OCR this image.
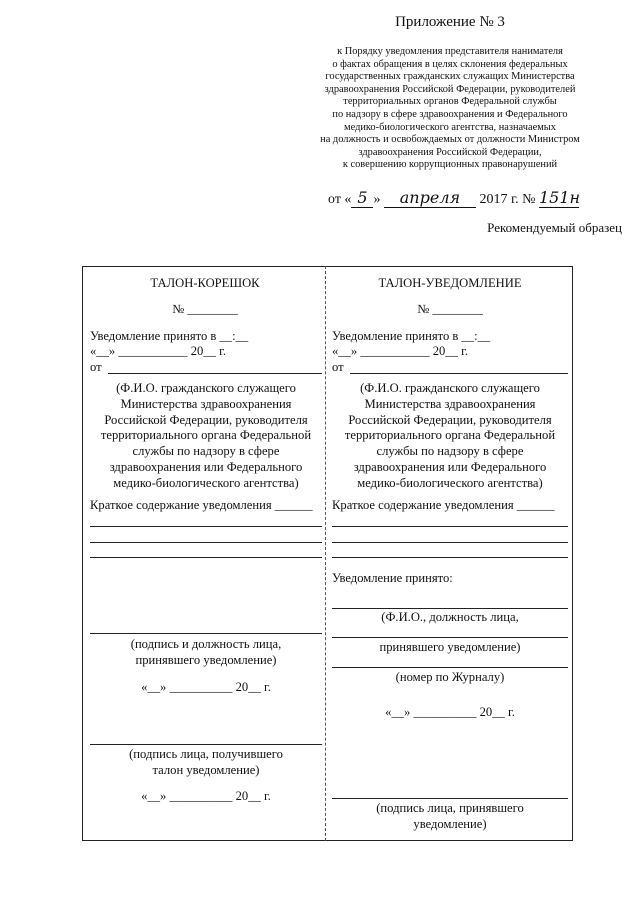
Приложение № 3
к Порядку уведомления представителя нанимателя
о фактах обращения в целях склонения федеральных
государственных гражданских служащих Министерства
здравоохранения Российской Федерации, руководителей
территориальных органов Федеральной службы
по надзору в сфере здравоохранения и Федерального
медико-биологического агентства, назначаемых
на должность и освобождаемых от должности Министром
здравоохранения Российской Федерации,
к совершению коррупционных правонарушений
от « 5 » апреля 2017 г. № 151н
Рекомендуемый образец
ТАЛОН-КОРЕШОК
№ ________
Уведомление принято в __:__
«__» ___________ 20__ г.
от
(Ф.И.О. гражданского служащего
Министерства здравоохранения
Российской Федерации, руководителя
территориального органа Федеральной
службы по надзору в сфере
здравоохранения или Федерального
медико-биологического агентства)
Краткое содержание уведомления ______
(подпись и должность лица,
принявшего уведомление)
«__» __________ 20__ г.
(подпись лица, получившего
талон уведомление)
«__» __________ 20__ г.
ТАЛОН-УВЕДОМЛЕНИЕ
№ ________
Уведомление принято в __:__
«__» ___________ 20__ г.
от
(Ф.И.О. гражданского служащего
Министерства здравоохранения
Российской Федерации, руководителя
территориального органа Федеральной
службы по надзору в сфере
здравоохранения или Федерального
медико-биологического агентства)
Краткое содержание уведомления ______
Уведомление принято:
(Ф.И.О., должность лица,
принявшего уведомление)
(номер по Журналу)
«__» __________ 20__ г.
(подпись лица, принявшего
уведомление)
